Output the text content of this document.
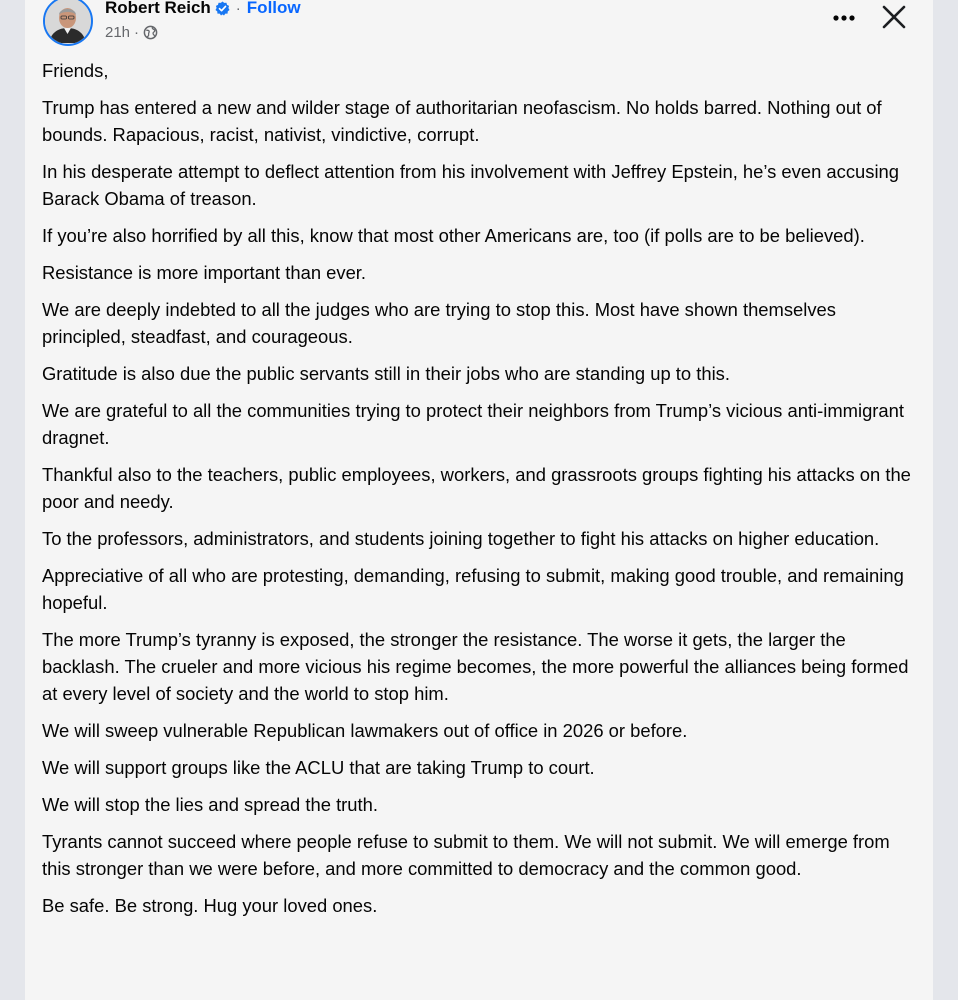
Robert Reich · Follow
21h ·

Friends,

Trump has entered a new and wilder stage of authoritarian neofascism. No holds barred. Nothing out of bounds. Rapacious, racist, nativist, vindictive, corrupt.

In his desperate attempt to deflect attention from his involvement with Jeffrey Epstein, he’s even accusing Barack Obama of treason.

If you’re also horrified by all this, know that most other Americans are, too (if polls are to be believed).

Resistance is more important than ever.

We are deeply indebted to all the judges who are trying to stop this. Most have shown themselves principled, steadfast, and courageous.

Gratitude is also due the public servants still in their jobs who are standing up to this.

We are grateful to all the communities trying to protect their neighbors from Trump’s vicious anti-immigrant dragnet.

Thankful also to the teachers, public employees, workers, and grassroots groups fighting his attacks on the poor and needy.

To the professors, administrators, and students joining together to fight his attacks on higher education.

Appreciative of all who are protesting, demanding, refusing to submit, making good trouble, and remaining hopeful.

The more Trump’s tyranny is exposed, the stronger the resistance. The worse it gets, the larger the backlash. The crueler and more vicious his regime becomes, the more powerful the alliances being formed at every level of society and the world to stop him.

We will sweep vulnerable Republican lawmakers out of office in 2026 or before.

We will support groups like the ACLU that are taking Trump to court.

We will stop the lies and spread the truth.

Tyrants cannot succeed where people refuse to submit to them. We will not submit. We will emerge from this stronger than we were before, and more committed to democracy and the common good.

Be safe. Be strong. Hug your loved ones.
